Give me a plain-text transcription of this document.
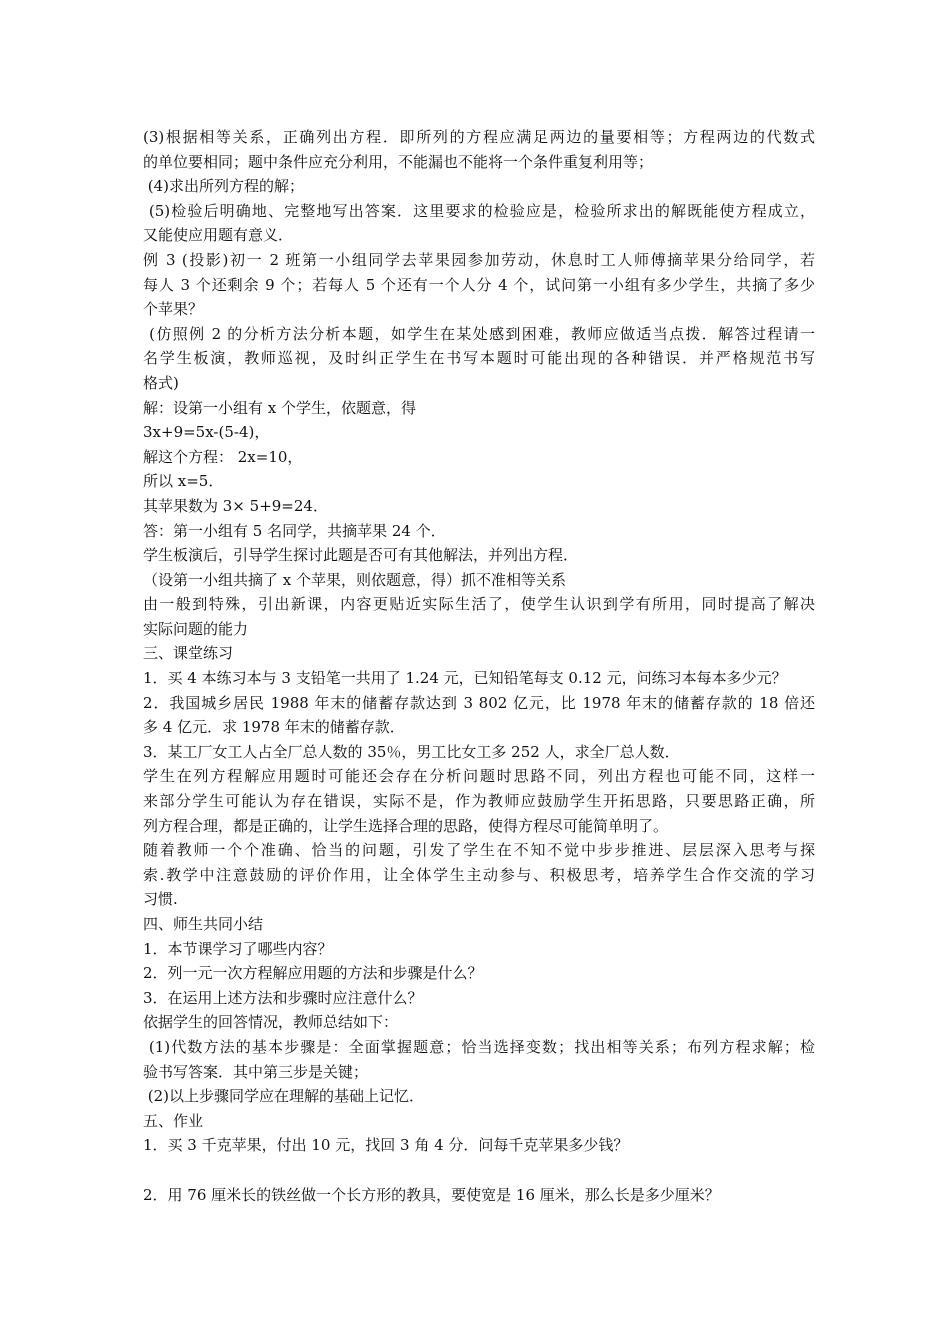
(3)根据相等关系，正确列出方程．即所列的方程应满足两边的量要相等；方程两边的代数式
的单位要相同；题中条件应充分利用，不能漏也不能将一个条件重复利用等；
(4)求出所列方程的解；
(5)检验后明确地、完整地写出答案．这里要求的检验应是，检验所求出的解既能使方程成立，
又能使应用题有意义．
例 3 (投影)初一 2 班第一小组同学去苹果园参加劳动，休息时工人师傅摘苹果分给同学，若
每人 3 个还剩余 9 个；若每人 5 个还有一个人分 4 个，试问第一小组有多少学生，共摘了多少
个苹果？
(仿照例 2 的分析方法分析本题，如学生在某处感到困难，教师应做适当点拨．解答过程请一
名学生板演，教师巡视，及时纠正学生在书写本题时可能出现的各种错误．并严格规范书写
格式)
解：设第一小组有 x 个学生，依题意，得
3x+9=5x-(5-4)，
解这个方程： 2x=10，
所以 x=5．
其苹果数为 3× 5+9=24．
答：第一小组有 5 名同学，共摘苹果 24 个．
学生板演后，引导学生探讨此题是否可有其他解法，并列出方程．
（设第一小组共摘了 x 个苹果，则依题意，得）抓不准相等关系
由一般到特殊，引出新课，内容更贴近实际生活了，使学生认识到学有所用，同时提高了解决
实际问题的能力
三、课堂练习
1．买 4 本练习本与 3 支铅笔一共用了 1.24 元，已知铅笔每支 0.12 元，问练习本每本多少元？
2．我国城乡居民 1988 年末的储蓄存款达到 3 802 亿元，比 1978 年末的储蓄存款的 18 倍还
多 4 亿元．求 1978 年末的储蓄存款．
3．某工厂女工人占全厂总人数的 35％，男工比女工多 252 人，求全厂总人数．
学生在列方程解应用题时可能还会存在分析问题时思路不同，列出方程也可能不同，这样一
来部分学生可能认为存在错误，实际不是，作为教师应鼓励学生开拓思路，只要思路正确，所
列方程合理，都是正确的，让学生选择合理的思路，使得方程尽可能简单明了。
随着教师一个个准确、恰当的问题，引发了学生在不知不觉中步步推进、层层深入思考与探
索.教学中注意鼓励的评价作用，让全体学生主动参与、积极思考，培养学生合作交流的学习
习惯.
四、师生共同小结
1．本节课学习了哪些内容？
2．列一元一次方程解应用题的方法和步骤是什么？
3．在运用上述方法和步骤时应注意什么？
依据学生的回答情况，教师总结如下：
(1)代数方法的基本步骤是：全面掌握题意；恰当选择变数；找出相等关系；布列方程求解；检
验书写答案．其中第三步是关键；
(2)以上步骤同学应在理解的基础上记忆．
五、作业
1．买 3 千克苹果，付出 10 元，找回 3 角 4 分．问每千克苹果多少钱？
2．用 76 厘米长的铁丝做一个长方形的教具，要使宽是 16 厘米，那么长是多少厘米？
